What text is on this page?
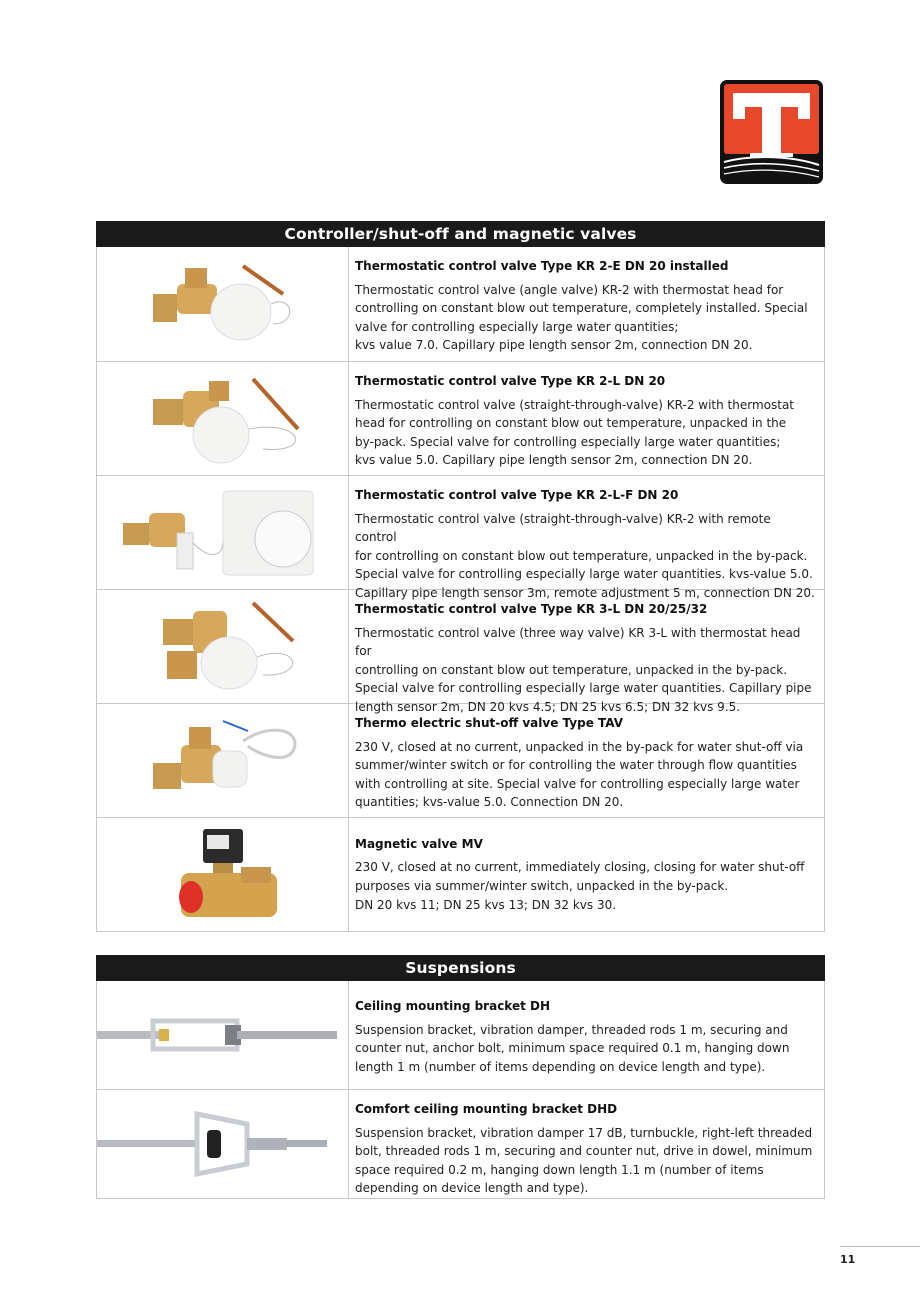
Controller/shut-off and magnetic valves
Thermostatic control valve Type KR 2-E DN 20 installed
Thermostatic control valve (angle valve) KR-2 with thermostat head for
controlling on constant blow out temperature, completely installed. Special
valve for controlling especially large water quantities;
kvs value 7.0. Capillary pipe length sensor 2m, connection DN 20.
Thermostatic control valve Type KR 2-L DN 20
Thermostatic control valve (straight-through-valve) KR-2 with thermostat
head for controlling on constant blow out temperature, unpacked in the
by-pack. Special valve for controlling especially large water quantities;
kvs value 5.0. Capillary pipe length sensor 2m, connection DN 20.
Thermostatic control valve Type KR 2-L-F DN 20
Thermostatic control valve (straight-through-valve) KR-2 with remote control
for controlling on constant blow out temperature, unpacked in the by-pack.
Special valve for controlling especially large water quantities. kvs-value 5.0.
Capillary pipe length sensor 3m, remote adjustment 5 m, connection DN 20.
Thermostatic control valve Type KR 3-L DN 20/25/32
Thermostatic control valve (three way valve) KR 3-L with thermostat head for
controlling on constant blow out temperature, unpacked in the by-pack.
Special valve for controlling especially large water quantities. Capillary pipe
length sensor 2m, DN 20 kvs 4.5; DN 25 kvs 6.5; DN 32 kvs 9.5.
Thermo electric shut-off valve Type TAV
230 V, closed at no current, unpacked in the by-pack for water shut-off via
summer/winter switch or for controlling the water through flow quantities
with controlling at site. Special valve for controlling especially large water
quantities; kvs-value 5.0. Connection DN 20.
Magnetic valve MV
230 V, closed at no current, immediately closing, closing for water shut-off
purposes via summer/winter switch, unpacked in the by-pack.
DN 20 kvs 11; DN 25 kvs 13; DN 32 kvs 30.
Suspensions
Ceiling mounting bracket DH
Suspension bracket, vibration damper, threaded rods 1 m, securing and
counter nut, anchor bolt, minimum space required 0.1 m, hanging down
length 1 m (number of items depending on device length and type).
Comfort ceiling mounting bracket DHD
Suspension bracket, vibration damper 17 dB, turnbuckle, right-left threaded
bolt, threaded rods 1 m, securing and counter nut, drive in dowel, minimum
space required 0.2 m, hanging down length 1.1 m (number of items
depending on device length and type).
11
